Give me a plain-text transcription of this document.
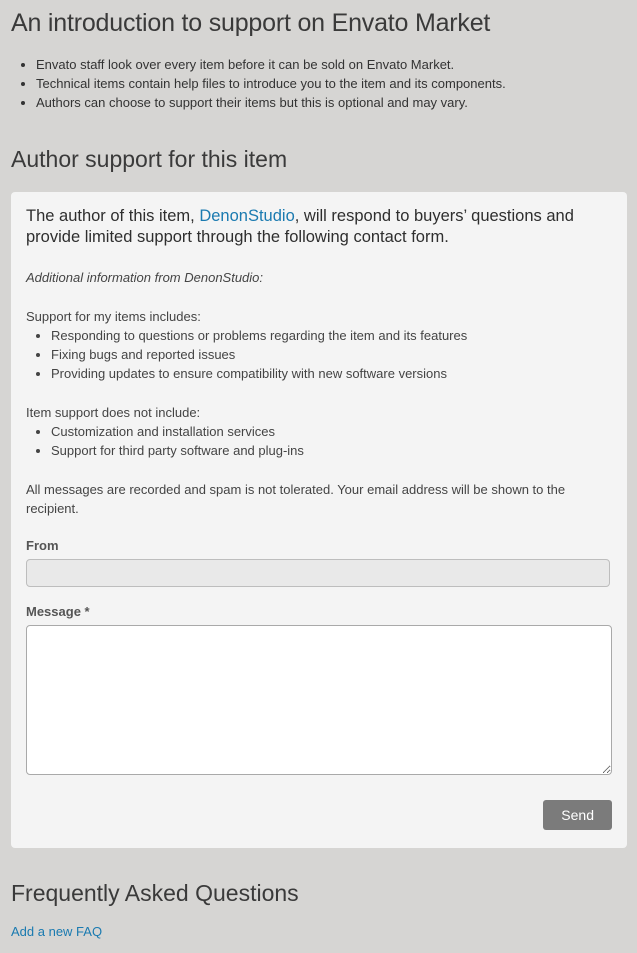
An introduction to support on Envato Market
• Envato staff look over every item before it can be sold on Envato Market.
• Technical items contain help files to introduce you to the item and its components.
• Authors can choose to support their items but this is optional and may vary.
Author support for this item

The author of this item, DenonStudio, will respond to buyers’ questions and provide limited support through the following contact form.

Additional information from DenonStudio:

Support for my items includes:

• Responding to questions or problems regarding the item and its features
• Fixing bugs and reported issues
• Providing updates to ensure compatibility with new software versions

Item support does not include:

• Customization and installation services
• Support for third party software and plug-ins

All messages are recorded and spam is not tolerated. Your email address will be shown to the recipient.

From
Message *
Send
Frequently Asked Questions
Add a new FAQ
